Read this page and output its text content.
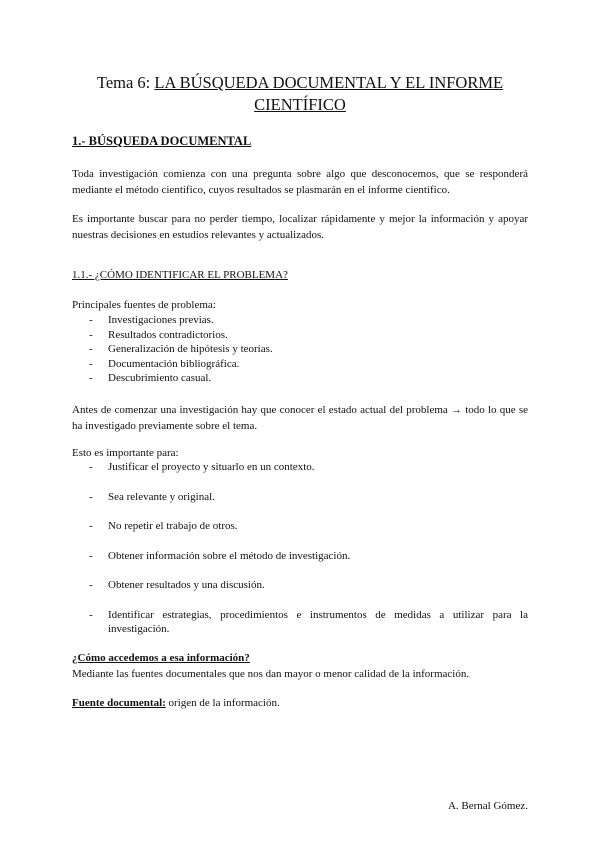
Tema 6: LA BÚSQUEDA DOCUMENTAL Y EL INFORME CIENTÍFICO
1.- BÚSQUEDA DOCUMENTAL

Toda investigación comienza con una pregunta sobre algo que desconocemos, que se responderá mediante el método científico, cuyos resultados se plasmarán en el informe científico.

Es importante buscar para no perder tiempo, localizar rápidamente y mejor la información y apoyar nuestras decisiones en estudios relevantes y actualizados.

1.1.- ¿CÓMO IDENTIFICAR EL PROBLEMA?
Principales fuentes de problema:
- Investigaciones previas.
- Resultados contradictorios.
- Generalización de hipótesis y teorías.
- Documentación bibliográfica.
- Descubrimiento casual.

Antes de comenzar una investigación hay que conocer el estado actual del problema → todo lo que se ha investigado previamente sobre el tema.

Esto es importante para:
- Justificar el proyecto y situarlo en un contexto.
- Sea relevante y original.
- No repetir el trabajo de otros.
- Obtener información sobre el método de investigación.
- Obtener resultados y una discusión.
- Identificar estrategias, procedimientos e instrumentos de medidas a utilizar para la investigación.
¿Cómo accedemos a esa información?
Mediante las fuentes documentales que nos dan mayor o menor calidad de la información.
Fuente documental: origen de la información.
A. Bernal Gómez.
